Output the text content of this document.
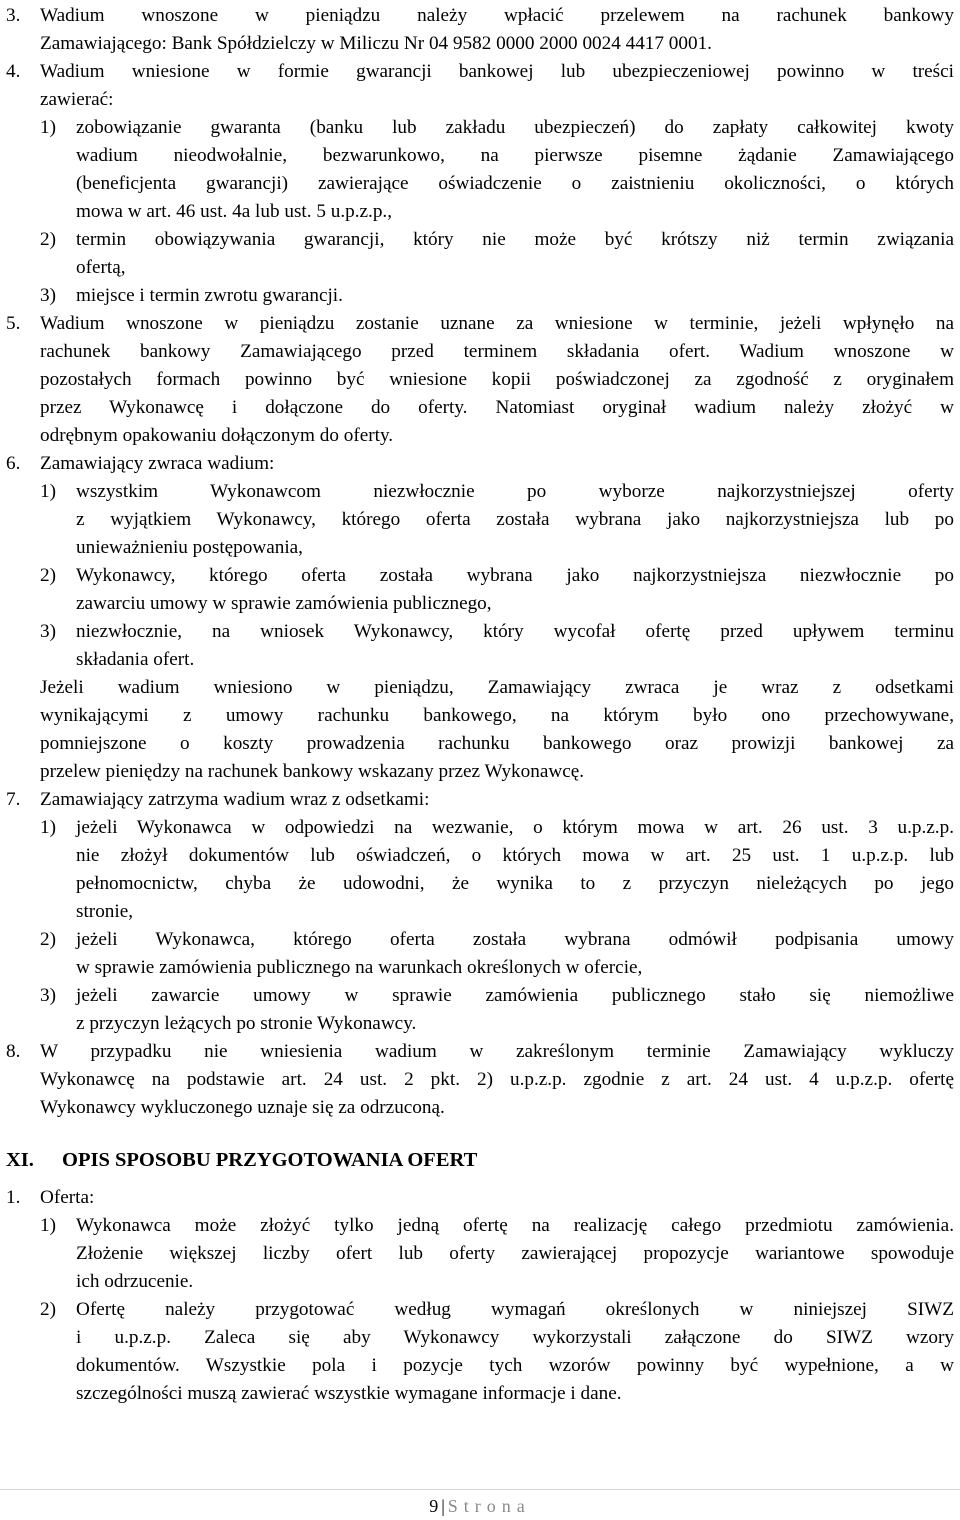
3. Wadium wnoszone w pieniądzu należy wpłacić przelewem na rachunek bankowy
Zamawiającego: Bank Spółdzielczy w Miliczu Nr 04 9582 0000 2000 0024 4417 0001.
4. Wadium wniesione w formie gwarancji bankowej lub ubezpieczeniowej powinno w treści
zawierać:
1) zobowiązanie gwaranta (banku lub zakładu ubezpieczeń) do zapłaty całkowitej kwoty
wadium nieodwołalnie, bezwarunkowo, na pierwsze pisemne żądanie Zamawiającego
(beneficjenta gwarancji) zawierające oświadczenie o zaistnieniu okoliczności, o których
mowa w art. 46 ust. 4a lub ust. 5 u.p.z.p.,
2) termin obowiązywania gwarancji, który nie może być krótszy niż termin związania
ofertą,
3) miejsce i termin zwrotu gwarancji.
5. Wadium wnoszone w pieniądzu zostanie uznane za wniesione w terminie, jeżeli wpłynęło na
rachunek bankowy Zamawiającego przed terminem składania ofert. Wadium wnoszone w
pozostałych formach powinno być wniesione kopii poświadczonej za zgodność z oryginałem
przez Wykonawcę i dołączone do oferty. Natomiast oryginał wadium należy złożyć w
odrębnym opakowaniu dołączonym do oferty.
6. Zamawiający zwraca wadium:
1) wszystkim Wykonawcom niezwłocznie po wyborze najkorzystniejszej oferty
z wyjątkiem Wykonawcy, którego oferta została wybrana jako najkorzystniejsza lub po
unieważnieniu postępowania,
2) Wykonawcy, którego oferta została wybrana jako najkorzystniejsza niezwłocznie po
zawarciu umowy w sprawie zamówienia publicznego,
3) niezwłocznie, na wniosek Wykonawcy, który wycofał ofertę przed upływem terminu
składania ofert.
Jeżeli wadium wniesiono w pieniądzu, Zamawiający zwraca je wraz z odsetkami
wynikającymi z umowy rachunku bankowego, na którym było ono przechowywane,
pomniejszone o koszty prowadzenia rachunku bankowego oraz prowizji bankowej za
przelew pieniędzy na rachunek bankowy wskazany przez Wykonawcę.
7. Zamawiający zatrzyma wadium wraz z odsetkami:
1) jeżeli Wykonawca w odpowiedzi na wezwanie, o którym mowa w art. 26 ust. 3 u.p.z.p.
nie złożył dokumentów lub oświadczeń, o których mowa w art. 25 ust. 1 u.p.z.p. lub
pełnomocnictw, chyba że udowodni, że wynika to z przyczyn nieleżących po jego
stronie,
2) jeżeli Wykonawca, którego oferta została wybrana odmówił podpisania umowy
w sprawie zamówienia publicznego na warunkach określonych w ofercie,
3) jeżeli zawarcie umowy w sprawie zamówienia publicznego stało się niemożliwe
z przyczyn leżących po stronie Wykonawcy.
8. W przypadku nie wniesienia wadium w zakreślonym terminie Zamawiający wykluczy
Wykonawcę na podstawie art. 24 ust. 2 pkt. 2) u.p.z.p. zgodnie z art. 24 ust. 4 u.p.z.p. ofertę
Wykonawcy wykluczonego uznaje się za odrzuconą.
XI. OPIS SPOSOBU PRZYGOTOWANIA OFERT
1. Oferta:
1) Wykonawca może złożyć tylko jedną ofertę na realizację całego przedmiotu zamówienia.
Złożenie większej liczby ofert lub oferty zawierającej propozycje wariantowe spowoduje
ich odrzucenie.
2) Ofertę należy przygotować według wymagań określonych w niniejszej SIWZ
i u.p.z.p. Zaleca się aby Wykonawcy wykorzystali załączone do SIWZ wzory
dokumentów. Wszystkie pola i pozycje tych wzorów powinny być wypełnione, a w
szczególności muszą zawierać wszystkie wymagane informacje i dane.
9 | Strona
